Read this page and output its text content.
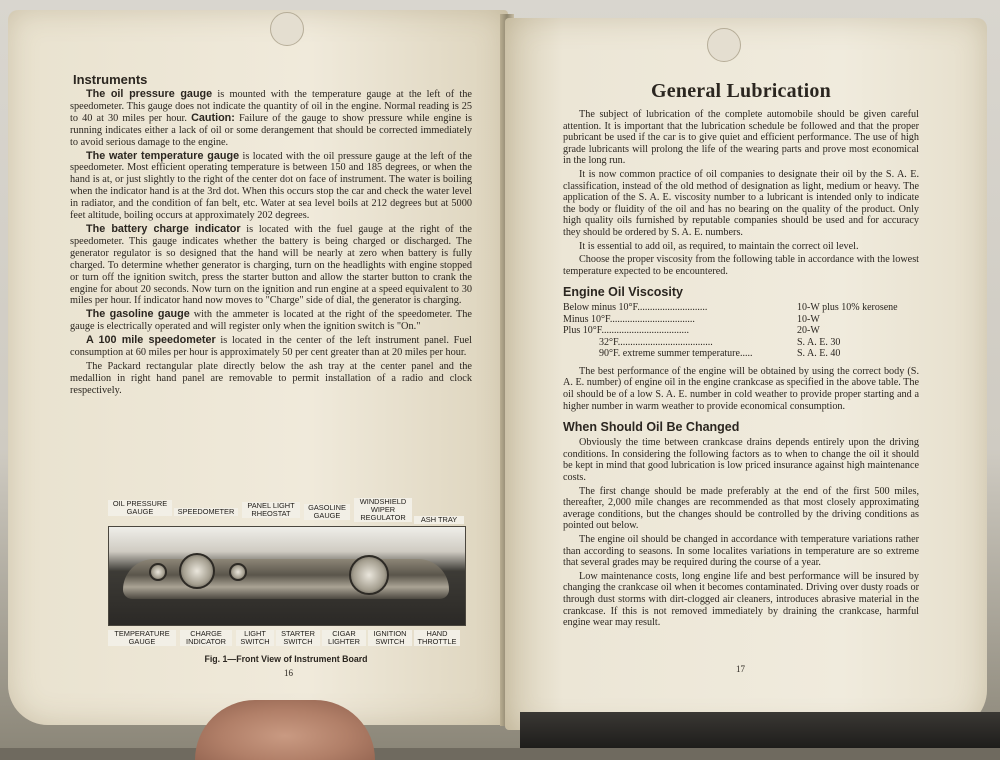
Instruments

The oil pressure gauge is mounted with the temperature gauge at the left of the speedometer. This gauge does not indicate the quantity of oil in the engine. Normal reading is 25 to 40 at 30 miles per hour. Caution: Failure of the gauge to show pressure while engine is running indicates either a lack of oil or some derangement that should be corrected immediately to avoid serious damage to the engine.

The water temperature gauge is located with the oil pressure gauge at the left of the speedometer. Most efficient operating temperature is between 150 and 185 degrees, or when the hand is at, or just slightly to the right of the center dot on face of instrument. The water is boiling when the indicator hand is at the 3rd dot. When this occurs stop the car and check the water level in radiator, and the condition of fan belt, etc. Water at sea level boils at 212 degrees but at 5000 feet altitude, boiling occurs at approximately 202 degrees.

The battery charge indicator is located with the fuel gauge at the right of the speedometer. This gauge indicates whether the battery is being charged or discharged. The generator regulator is so designed that the hand will be nearly at zero when battery is fully charged. To determine whether generator is charging, turn on the headlights with engine stopped or turn off the ignition switch, press the starter button and allow the starter button to crank the engine for about 20 seconds. Now turn on the ignition and run engine at a speed equivalent to 30 miles per hour. If indicator hand now moves to "Charge" side of dial, the generator is charging.

The gasoline gauge with the ammeter is located at the right of the speedometer. The gauge is electrically operated and will register only when the ignition switch is "On."

A 100 mile speedometer is located in the center of the left instrument panel. Fuel consumption at 60 miles per hour is approximately 50 per cent greater than at 20 miles per hour.

The Packard rectangular plate directly below the ash tray at the center panel and the medallion in right hand panel are removable to permit installation of a radio and clock respectively.

OIL PRESSURE GAUGE	SPEEDOMETER
PANEL LIGHT RHEOSTAT
GASOLINE GAUGE
WINDSHIELD WIPER REGULATOR	ASH TRAY
TEMPERATURE GAUGE
CHARGE INDICATOR
LIGHT SWITCH
STARTER SWITCH
CIGAR LIGHTER
IGNITION SWITCH
HAND THROTTLE
Fig. 1—Front View of Instrument Board
16
General Lubrication

The subject of lubrication of the complete automobile should be given careful attention. It is important that the lubrication schedule be followed and that the proper pubricant be used if the car is to give quiet and efficient performance. The use of high grade lubricants will prolong the life of the wearing parts and prove most economical in the long run.

It is now common practice of oil companies to designate their oil by the S. A. E. classification, instead of the old method of designation as light, medium or heavy. The application of the S. A. E. viscosity number to a lubricant is intended only to indicate the body or fluidity of the oil and has no bearing on the quality of the product. Only high quality oils furnished by reputable companies should be used and for accuracy they should be ordered by S. A. E. numbers.

It is essential to add oil, as required, to maintain the correct oil level.

Choose the proper viscosity from the following table in accordance with the lowest temperature expected to be encountered.

Engine Oil Viscosity
Below minus 10°F............................	10-W plus 10% kerosene
Minus 10°F..................................	10-W
Plus 10°F...................................	20-W
32°F......................................	S. A. E. 30
90°F. extreme summer temperature.....	S. A. E. 40

The best performance of the engine will be obtained by using the correct body (S. A. E. number) of engine oil in the engine crankcase as specified in the above table. The oil should be of a low S. A. E. number in cold weather to provide proper starting and a higher number in warm weather to provide economical consumption.

When Should Oil Be Changed

Obviously the time between crankcase drains depends entirely upon the driving conditions. In considering the following factors as to when to change the oil it should be kept in mind that good lubrication is low priced insurance against high maintenance costs.

The first change should be made preferably at the end of the first 500 miles, thereafter, 2,000 mile changes are recommended as that most closely approximating average conditions, but the changes should be controlled by the driving conditions as pointed out below.

The engine oil should be changed in accordance with temperature variations rather than according to seasons. In some localites variations in temperature are so extreme that several grades may be required during the course of a year.

Low maintenance costs, long engine life and best performance will be insured by changing the crankcase oil when it becomes contaminated. Driving over dusty roads or through dust storms with dirt-clogged air cleaners, introduces abrasive material in the crankcase. If this is not removed immediately by draining the crankcase, harmful engine wear may result.

17
